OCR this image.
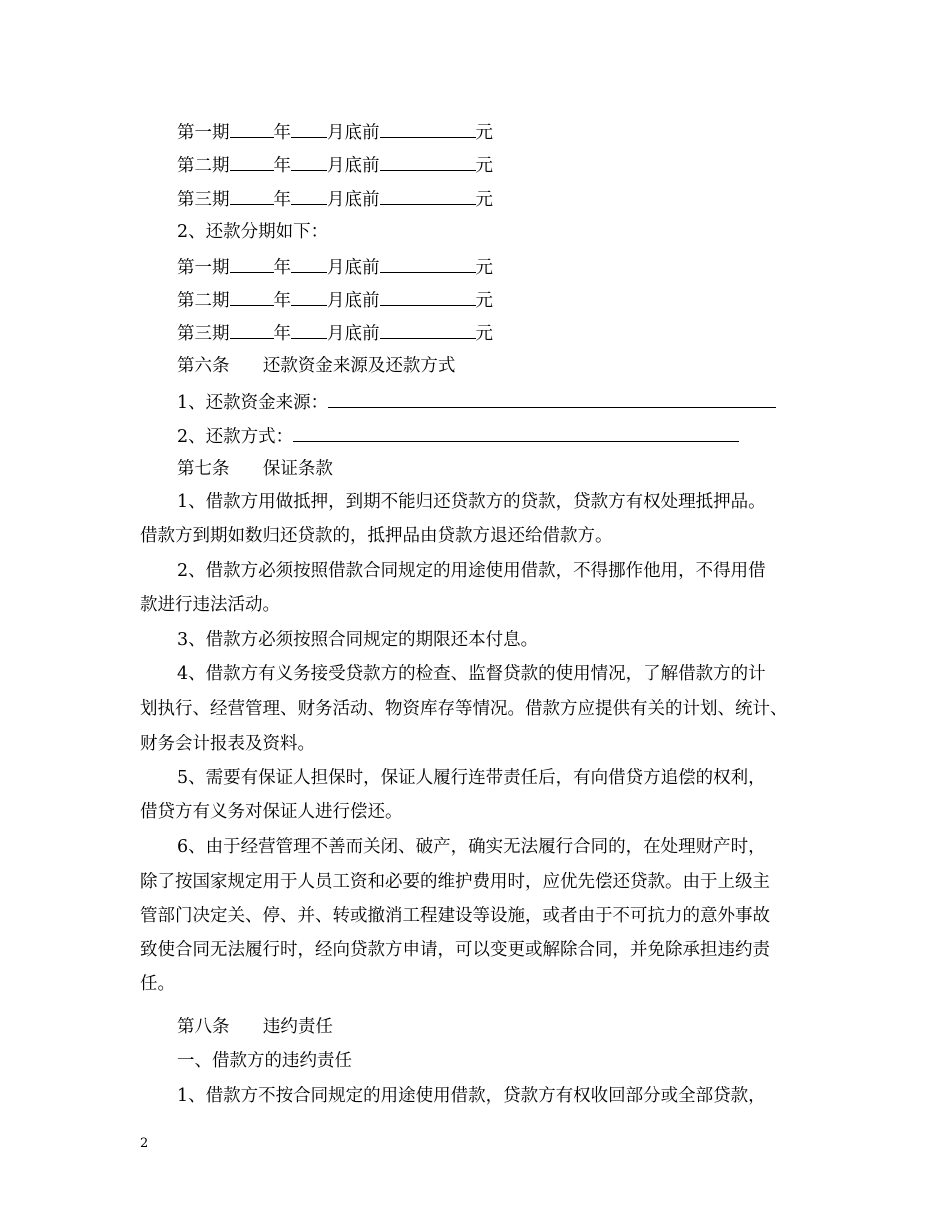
第一期	年 月底前	元
第二期	年 月底前	元
第三期	年 月底前	元
2、还款分期如下：
第一期	年 月底前	元
第二期	年 月底前	元
第三期	年 月底前	元
第六条      还款资金来源及还款方式
1、还款资金来源：
2、还款方式：
第七条      保证条款
1、借款方用做抵押，到期不能归还贷款方的贷款，贷款方有权处理抵押品。
借款方到期如数归还贷款的，抵押品由贷款方退还给借款方。
2、借款方必须按照借款合同规定的用途使用借款，不得挪作他用，不得用借
款进行违法活动。
3、借款方必须按照合同规定的期限还本付息。
4、借款方有义务接受贷款方的检查、监督贷款的使用情况，了解借款方的计
划执行、经营管理、财务活动、物资库存等情况。借款方应提供有关的计划、统计、
财务会计报表及资料。
5、需要有保证人担保时，保证人履行连带责任后，有向借贷方追偿的权利，
借贷方有义务对保证人进行偿还。
6、由于经营管理不善而关闭、破产，确实无法履行合同的，在处理财产时，
除了按国家规定用于人员工资和必要的维护费用时，应优先偿还贷款。由于上级主
管部门决定关、停、并、转或撤消工程建设等设施，或者由于不可抗力的意外事故
致使合同无法履行时，经向贷款方申请，可以变更或解除合同，并免除承担违约责
任。
第八条      违约责任
一、借款方的违约责任
1、借款方不按合同规定的用途使用借款，贷款方有权收回部分或全部贷款，
2
